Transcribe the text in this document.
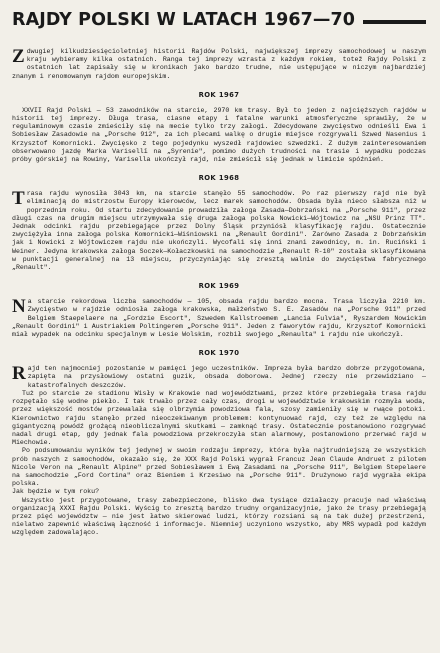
RAJDY POLSKI W LATACH 1967—70
Zdwugiej kilkudziesięcioletniej historii Rajdów Polski, największej imprezy samochodowej w naszym kraju wybieramy kilka ostatnich. Ranga tej imprezy wzrasta z każdym rokiem, totež Rajdy Polski z ostatnich lat zapisały się w kronikach jako bardzo trudne, nie ustępujące w niczym najbardziej znanym i renomowanym rajdom europejskim.
ROK 1967

XXVII Rajd Polski — 53 zawodników na starcie, 2970 km trasy. Był to jeden z najcięższych rajdów w historii tej imprezy. Długa trasa, ciasne etapy i fatalne warunki atmosferyczne sprawiły, że w regulaminowym czasie zmieściły się na mecie tylko trzy załogi. Zdecydowane zwycięstwo odnieśli Ewa i Sobiesław Zasadowie na „Porsche 912", za ich plecami walkę o drugie miejsce rozgrywali Szwed Nasenius i Krzysztof Komornicki. Zwycięsko z tego pojedynku wyszedł rajdowiec szwedzki. Z dużym zainteresowaniem obserwowano jazdę Marka Varisellī na „Syrenie", pomimo dużych trudności na trasie i wypadku podczas próby górskiej na Rowiny, Varisella ukończył rajd, nie zmieścił się jednak w limicie spóźnień.

ROK 1968

Trasa rajdu wynosiła 3043 km, na starcie stanęło 55 samochodów. Po raz pierwszy rajd nie był eliminacją do mistrzostw Europy kierowców, lecz marek samochodów. Obsada była nieco słabsza niż w poprzednim roku. Od startu zdecydowanie prowadziła załoga Zasada—Dobrzański na „Porsche 911", przez długi czas na drugim miejscu utrzymywała się druga załoga polska Nowicki—Wójtowicz na „NSU Prinz TT". Jednak odcinki rajdu przebiegające przez Dolny Śląsk przyniósł klasyfikację rajdu. Ostatecznie zwyciężyła inna załoga polska Komornicki—Wiśniowski na „Renault Gordini". Zarówno Zasada z Dobrzańskim jak i Nowicki z Wójtowiczem rajdu nie ukończyli. Wycofali się inni znani zawodnicy, m. in. Ruciński i Weiner. Jedyna krakowska załoga Soczek—Kołaczkowski na samochodzie „Renault R-10" została sklasyfikowana w punktacji generalnej na 13 miejscu, przyczyniając się zresztą walnie do zwycięstwa fabrycznego „Renault".

ROK 1969

Na starcie rekordowa liczba samochodów — 105, obsada rajdu bardzo mocna. Trasa liczyła 2210 km. Zwycięstwo w rajdzie odniosła załoga krakowska, małżeństwo S. E. Zasadów na „Porsche 911" przed Belgiem Staepelaere na „Fordzie Escort", Szwedem Kallstroemem „Lancia Fulvia", Ryszardem Nowickim „Renault Gordini" i Austriakiem Poltingerem „Porsche 911". Jeden z faworytów rajdu, Krzysztof Komornicki miał wypadek na odcinku specjalnym w Lesie Wolskim, rozbił swojego „Renaulta" i rajdu nie ukończył.

ROK 1970

Rajd ten najmocniej pozostanie w pamięci jego uczestników. Impreza była bardzo dobrze przygotowana, zapięta na przysłowiowy ostatni guzik, obsada doborowa. Jednej rzeczy nie przewidziano — katastrofalnych deszczów.

Tuż po starcie ze stadionu Wisły w Krakowie nad województwami, przez które przebiegała trasa rajdu rozpętało się wodne piekło. I tak trwało przez cały czas, drogi w województwie krakowskim rozmyła woda, przez większość mostów przewalała się olbrzymia powodziowa fala, szosy zamieniły się w rwące potoki. Kierownictwo rajdu stanęło przed nieoczekiwanym problemem: kontynuować rajd, czy też ze względu na gigantyczną powódź grożącą nieobliczalnymi skutkami — zamknąć trasy. Ostatecznie postanowiono rozgrywać nadal drugi etap, gdy jednak fala powodziowa przekroczyła stan alarmowy, postanowiono przerwać rajd w Miechowie.

Po podsumowaniu wyników tej jedynej w swoim rodzaju imprezy, która była najtrudniejszą ze wszystkich prób naszych z samochodów, okazało się, że XXX Rajd Polski wygrał Francuz Jean Claude Andruet z pilotem Nicole Veron na „Renault Alpine" przed Sobiesławem i Ewą Zasadami na „Porsche 911", Belgiem Stepelaere na samochodzie „Ford Cortina" oraz Bieniem i Krzesiwo na „Porsche 911". Drużynowo rajd wygrała ekipa polska.

Jak będzie w tym roku?

Wszystko jest przygotowane, trasy zabezpieczone, blisko dwa tysiące działaczy pracuje nad właściwą organizacją XXXI Rajdu Polski. Wyścig to zresztą bardzo trudny organizacyjnie, jako że trasy przebiegają przez pięć województw — nie jest łatwo skierować ludzi, którzy rozsiani są na tak dużej przestrzeni, nielatwo zapewnić właściwą łączność i informacje. Niemniej uczyniono wszystko, aby MRS wypadł pod każdym względem zadowalająco.
